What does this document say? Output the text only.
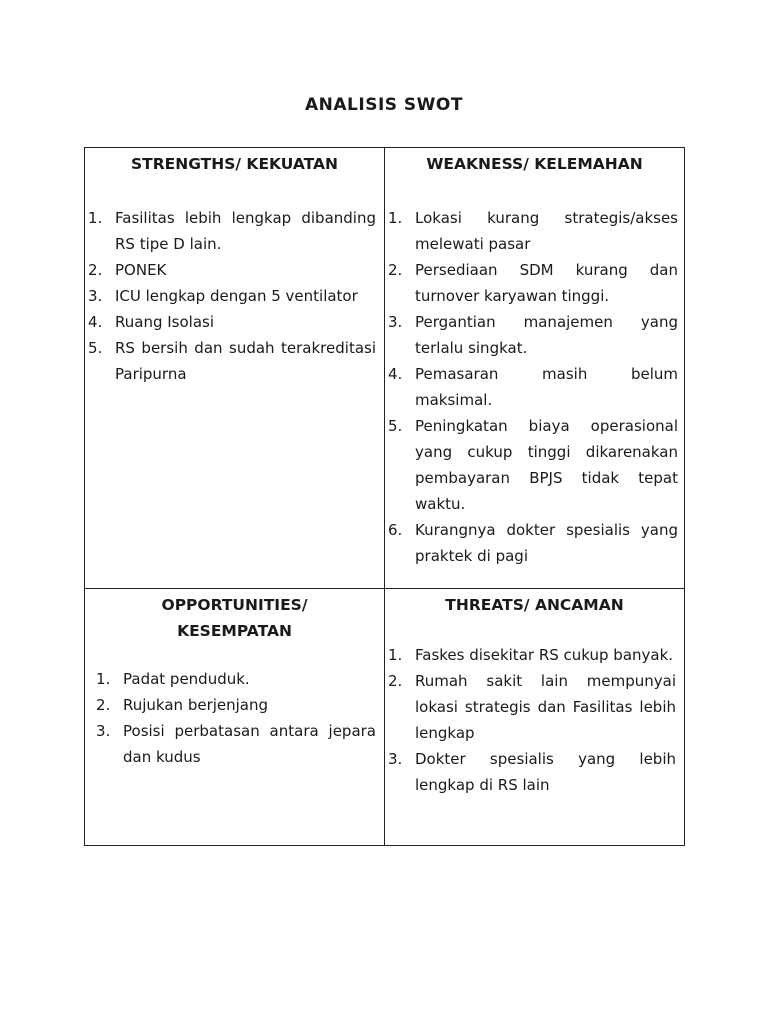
ANALISIS SWOT
STRENGTHS/ KEKUATAN
1. Fasilitas lebih lengkap dibanding RS tipe D lain.
2. PONEK
3. ICU lengkap dengan 5 ventilator
4. Ruang Isolasi
5. RS bersih dan sudah terakreditasi Paripurna
WEAKNESS/ KELEMAHAN
1. Lokasi kurang strategis/akses melewati pasar
2. Persediaan SDM kurang dan turnover karyawan tinggi.
3. Pergantian manajemen yang terlalu singkat.
4. Pemasaran masih belum maksimal.
5. Peningkatan biaya operasional yang cukup tinggi dikarenakan pembayaran BPJS tidak tepat waktu.
6. Kurangnya dokter spesialis yang praktek di pagi
OPPORTUNITIES/
KESEMPATAN
1. Padat penduduk.
2. Rujukan berjenjang
3. Posisi perbatasan antara jepara dan kudus
THREATS/ ANCAMAN
1. Faskes disekitar RS cukup banyak.
2. Rumah sakit lain mempunyai lokasi strategis dan Fasilitas lebih lengkap
3. Dokter spesialis yang lebih lengkap di RS lain
